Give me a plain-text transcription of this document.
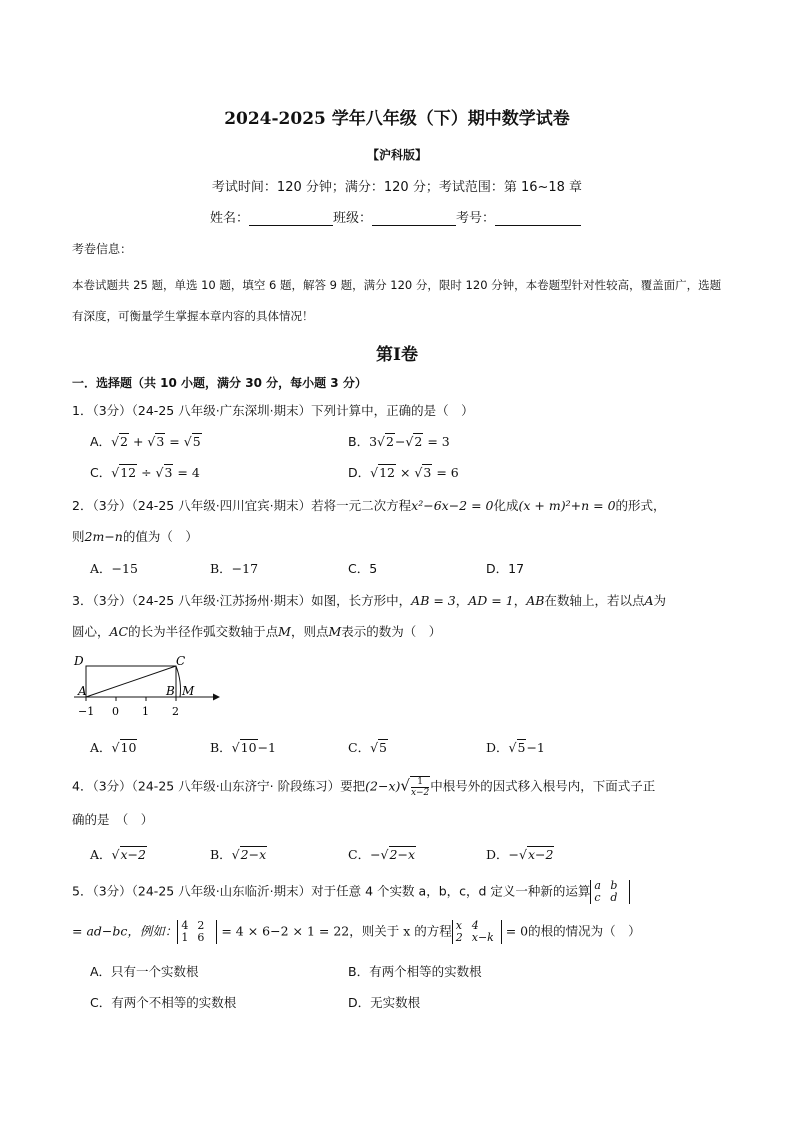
2024-2025 学年八年级（下）期中数学试卷
【沪科版】
考试时间：120 分钟；满分：120 分；考试范围：第 16~18 章
姓名：	班级：	考号：
考卷信息：
本卷试题共 25 题，单选 10 题，填空 6 题，解答 9 题，满分 120 分，限时 120 分钟，本卷题型针对性较高，覆盖面广，选题有深度，可衡量学生掌握本章内容的具体情况！
第Ⅰ卷
一．选择题（共 10 小题，满分 30 分，每小题 3 分）
1．（3分）（24-25 八年级·广东深圳·期末）下列计算中，正确的是（　）
A．√2 + √3 = √5	B．3√2−√2 = 3
C．√12 ÷ √3 = 4	D．√12 × √3 = 6
2．（3分）（24-25 八年级·四川宜宾·期末）若将一元二次方程x²−6x−2 = 0化成(x + m)²+n = 0的形式，
则2m−n的值为（　）
A．−15	B．−17	C．5	D．17
3．（3分）（24-25 八年级·江苏扬州·期末）如图，长方形中，AB = 3，AD = 1，AB在数轴上，若以点A为
圆心，AC的长为半径作弧交数轴于点M，则点M表示的数为（　）
D	C
A	B M
−1 0 1 2
A．√10	B．√10−1	C．√5	D．√5−1
4．（3分）（24-25 八年级·山东济宁· 阶段练习）要把$(2-x)√ \frac{1}{x-2}$ 中根号外的因式移入根号内，下面式子正
确的是　（　）
A．√x−2	B．√2−x	C．−√2−x	D．−√x−2
5．（3分）（24-25 八年级·山东临沂·期末）对于任意 4 个实数 a，b，c，d 定义一种新的运算 a b
c d
= ad−bc，例如： 4 2
1 6 = 4 × 6−2 × 1 = 22，则关于 x 的方程 x 4
2 x−k = 0的根的情况为（　）
A．只有一个实数根	B．有两个相等的实数根
C．有两个不相等的实数根	D．无实数根
